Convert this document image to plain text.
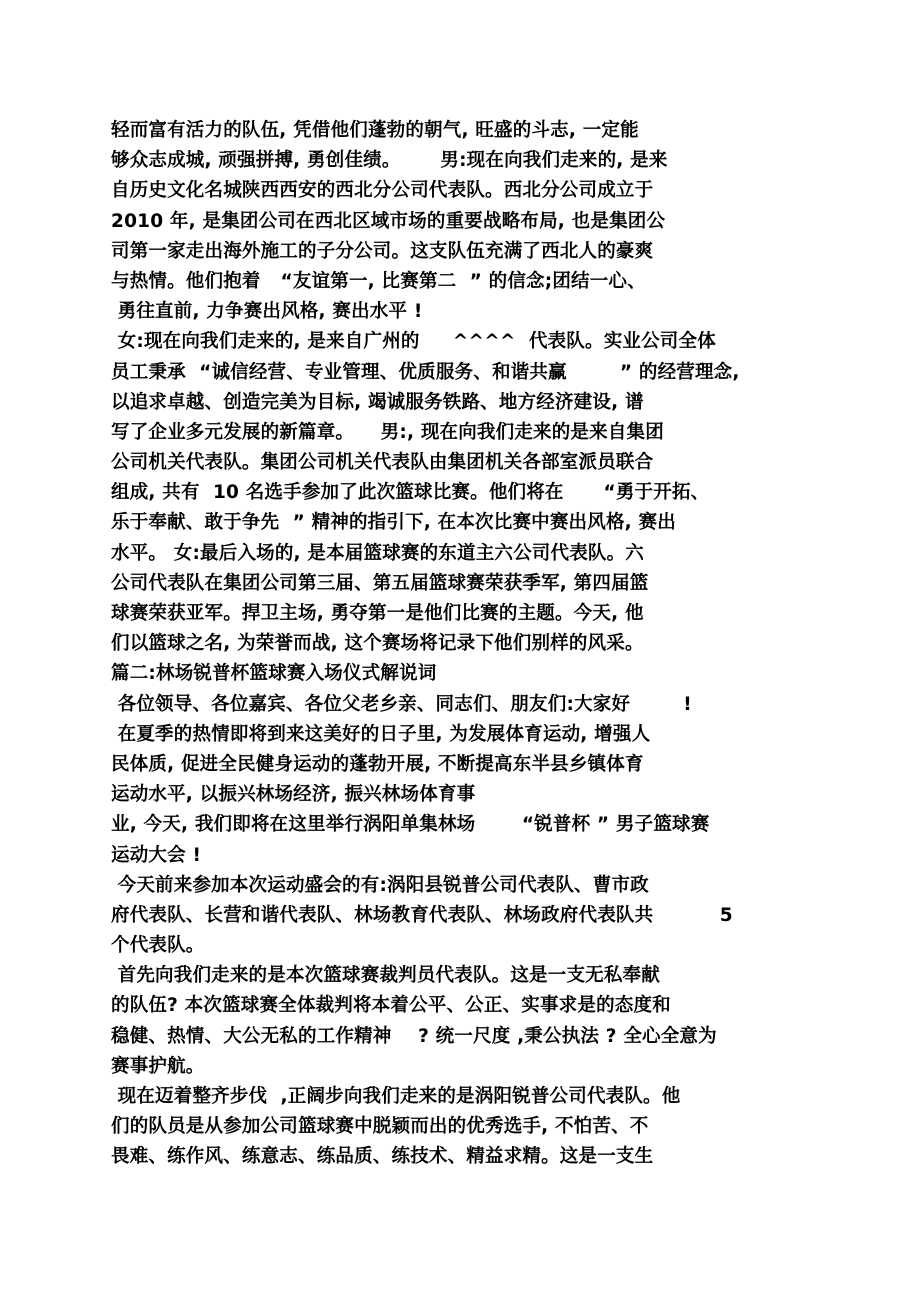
轻而富有活力的队伍, 凭借他们蓬勃的朝气, 旺盛的斗志, 一定能
够众志成城, 顽强拼搏, 勇创佳绩。      男:现在向我们走来的, 是来
自历史文化名城陕西西安的西北分公司代表队。西北分公司成立于
2010 年, 是集团公司在西北区域市场的重要战略布局, 也是集团公
司第一家走出海外施工的子分公司。这支队伍充满了西北人的豪爽
与热情。他们抱着   “友谊第一, 比赛第二  ” 的信念;团结一心、
勇往直前, 力争赛出风格, 赛出水平 !
女:现在向我们走来的, 是来自广州的     ^^^^  代表队。实业公司全体
员工秉承  “诚信经营、专业管理、优质服务、和谐共赢        ” 的经营理念,
以追求卓越、创造完美为目标, 竭诚服务铁路、地方经济建设, 谱
写了企业多元发展的新篇章。    男:, 现在向我们走来的是来自集团
公司机关代表队。集团公司机关代表队由集团机关各部室派员联合
组成, 共有  10 名选手参加了此次篮球比赛。他们将在      “勇于开拓、
乐于奉献、敢于争先  ” 精神的指引下, 在本次比赛中赛出风格, 赛出
水平。 女:最后入场的, 是本届篮球赛的东道主六公司代表队。六
公司代表队在集团公司第三届、第五届篮球赛荣获季军, 第四届篮
球赛荣获亚军。捍卫主场, 勇夺第一是他们比赛的主题。今天, 他
们以篮球之名, 为荣誉而战, 这个赛场将记录下他们别样的风采。
篇二:林场锐普杯篮球赛入场仪式解说词
各位领导、各位嘉宾、各位父老乡亲、同志们、朋友们:大家好        !
在夏季的热情即将到来这美好的日子里, 为发展体育运动, 增强人
民体质, 促进全民健身运动的蓬勃开展, 不断提高东半县乡镇体育
运动水平, 以振兴林场经济, 振兴林场体育事
业, 今天, 我们即将在这里举行涡阳单集林场       “锐普杯 ” 男子篮球赛
运动大会 !
今天前来参加本次运动盛会的有:涡阳县锐普公司代表队、曹市政
府代表队、长营和谐代表队、林场教育代表队、林场政府代表队共          5
个代表队。
首先向我们走来的是本次篮球赛裁判员代表队。这是一支无私奉献
的队伍? 本次篮球赛全体裁判将本着公平、公正、实事求是的态度和
稳健、热情、大公无私的工作精神    ? 统一尺度 ,秉公执法 ? 全心全意为
赛事护航。
现在迈着整齐步伐  ,正阔步向我们走来的是涡阳锐普公司代表队。他
们的队员是从参加公司篮球赛中脱颖而出的优秀选手, 不怕苦、不
畏难、练作风、练意志、练品质、练技术、精益求精。这是一支生
